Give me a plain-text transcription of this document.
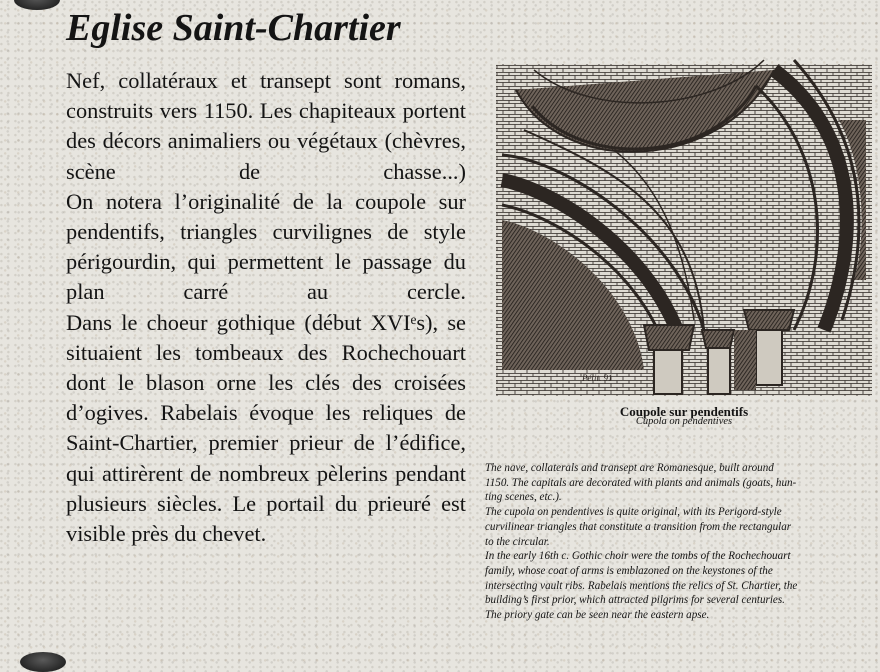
Eglise Saint-Chartier

Nef, collatéraux et transept sont romans, construits vers 1150. Les chapiteaux portent des décors animaliers ou végétaux (chèvres, scène de chasse...)

On notera l’originalité de la coupole sur pendentifs, triangles curvilignes de style périgourdin, qui permettent le passage du plan carré au cercle.

Dans le choeur gothique (début XVIᵉs), se situaient les tombeaux des Rochechouart dont le blason orne les clés des croisées d’ogives. Rabelais évoque les reliques de Saint-Chartier, premier prieur de l’édifice, qui attirèrent de nombreux pèlerins pendant plusieurs siècles. Le portail du prieuré est visible près du chevet.

Pétit. 91

Coupole sur pendentifs

Cupola on pendentives

The nave, collaterals and transept are Romanesque, built around

1150. The capitals are decorated with plants and animals (goats, hun-

ting scenes, etc.).

The cupola on pendentives is quite original, with its Perigord-style

curvilinear triangles that constitute a transition from the rectangular

to the circular.

In the early 16th c. Gothic choir were the tombs of the Rochechouart

family, whose coat of arms is emblazoned on the keystones of the

intersecting vault ribs. Rabelais mentions the relics of St. Chartier, the

building’s first prior, which attracted pilgrims for several centuries.

The priory gate can be seen near the eastern apse.
